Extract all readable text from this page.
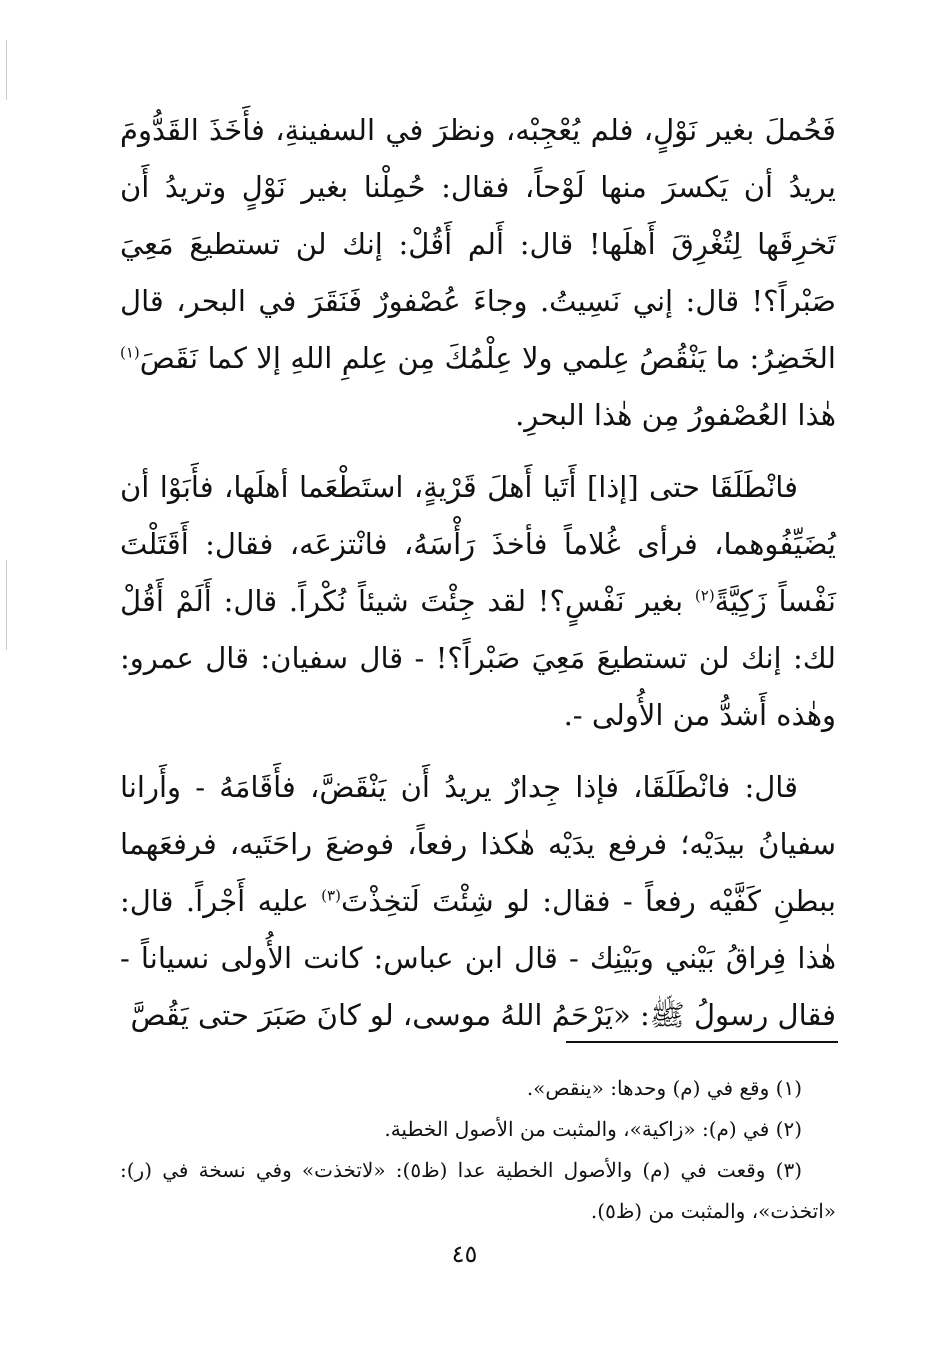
فَحُملَ بغير نَوْلٍ، فلم يُعْجِبْه، ونظرَ في السفينةِ، فأَخَذَ القَدُّومَ يريدُ أن يَكسرَ منها لَوْحاً، فقال: حُمِلْنا بغير نَوْلٍ وتريدُ أَن تَخرِقَها لِتُغْرِقَ أَهلَها! قال: أَلم أَقُلْ: إنك لن تستطيعَ مَعِيَ صَبْراً؟! قال: إني نَسِيتُ. وجاءَ عُصْفورٌ فَنَقَرَ في البحر، قال الخَضِرُ: ما يَنْقُصُ عِلمي ولا عِلْمُكَ مِن عِلمِ اللهِ إلا كما نَقَصَ$^{(١)}$ هٰذا العُصْفورُ مِن هٰذا البحرِ.

فانْطَلَقَا حتى [إذا] أَتَيا أَهلَ قَرْيةٍ، استَطْعَما أهلَها، فأَبَوْا أن يُضَيِّفُوهما، فرأى غُلاماً فأخذَ رَأْسَهُ، فانْتزعَه، فقال: أَقَتَلْتَ نَفْساً زَكِيَّةً$^{(٢)}$ بغير نَفْسٍ؟! لقد جِئْتَ شيئاً نُكْراً. قال: أَلَمْ أَقُلْ لك: إنك لن تستطيعَ مَعِيَ صَبْراً؟! - قال سفيان: قال عمرو: وهٰذه أَشدُّ من الأُولى -.

قال: فانْطَلَقَا، فإذا جِدارٌ يريدُ أَن يَنْقَضَّ، فأَقَامَهُ - وأَرانا سفيانُ بيدَيْه؛ فرفع يدَيْه هٰكذا رفعاً، فوضعَ راحَتَيه، فرفعَهما ببطنِ كَفَّيْه رفعاً - فقال: لو شِئْتَ لَتخِذْتَ$^{(٣)}$ عليه أَجْراً. قال: هٰذا فِراقُ بَيْني وبَيْنِك - قال ابن عباس: كانت الأُولى نسياناً - فقال رسولُ ﷺ: «يَرْحَمُ اللهُ موسى، لو كانَ صَبَرَ حتى يَقُصَّ

(١) وقع في (م) وحدها: «ينقص».

(٢) في (م): «زاكية»، والمثبت من الأصول الخطية.

(٣) وقعت في (م) والأصول الخطية عدا (ظ٥): «لاتخذت» وفي نسخة في (ر): «اتخذت»، والمثبت من (ظ٥).

٤٥
